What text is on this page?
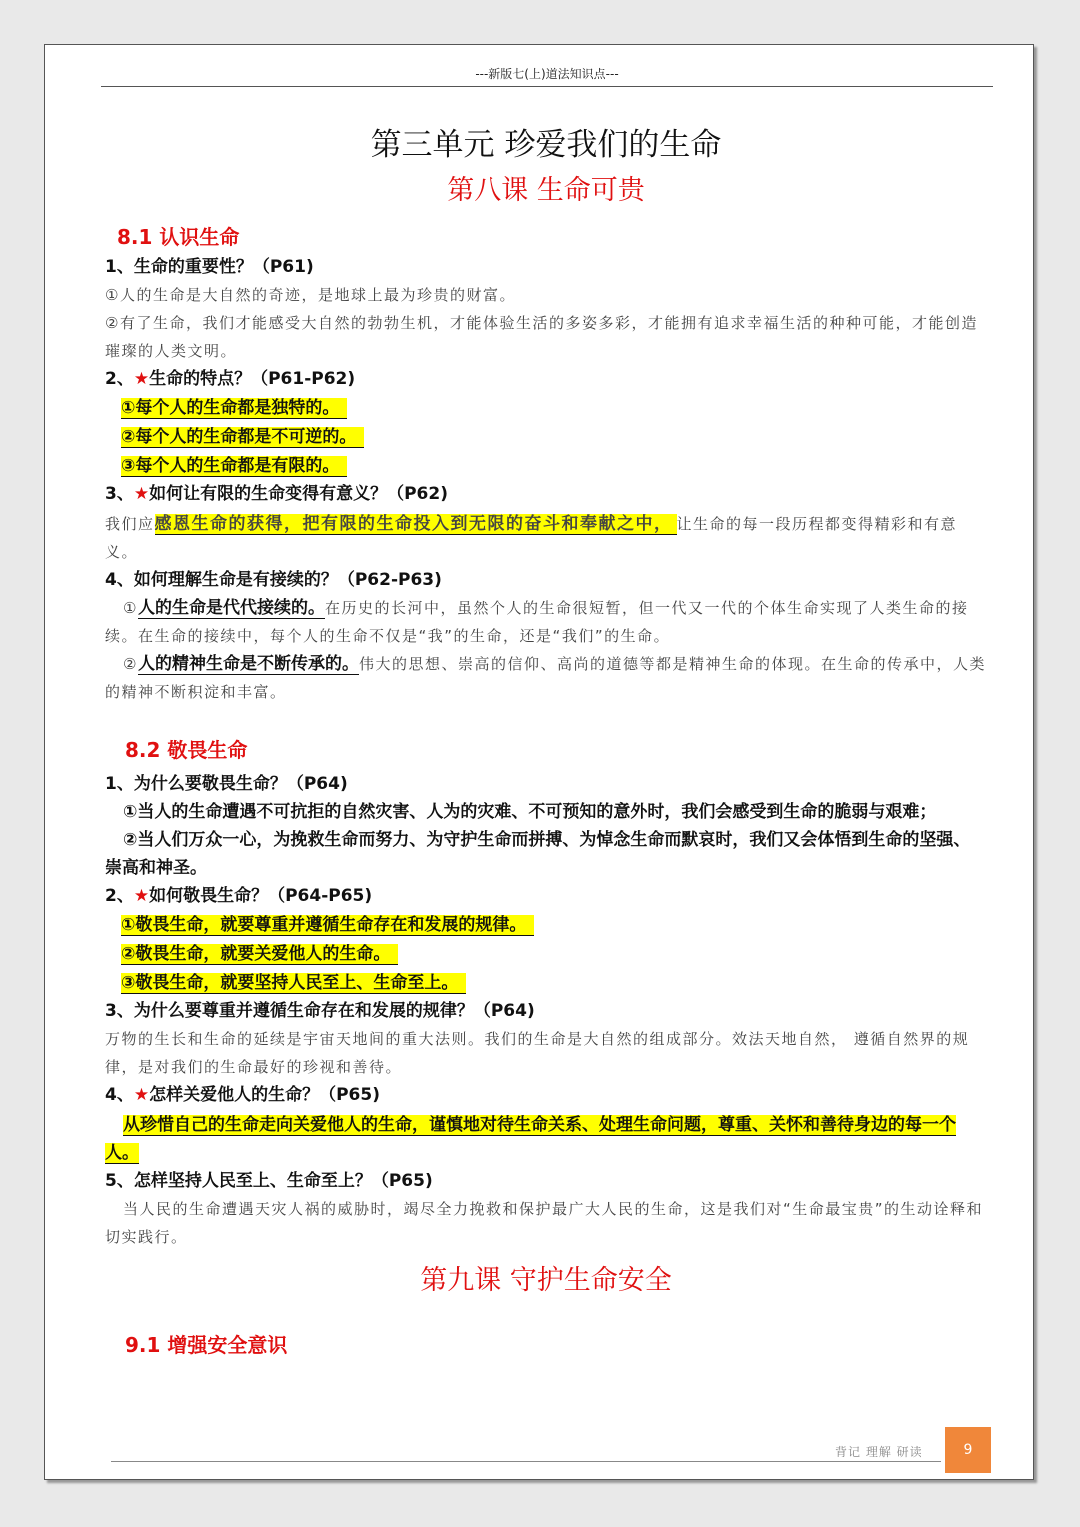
---新版七(上)道法知识点---
第三单元 珍爱我们的生命
第八课 生命可贵
8.1 认识生命
1、生命的重要性？（P61)
①人的生命是大自然的奇迹，是地球上最为珍贵的财富。
②有了生命，我们才能感受大自然的勃勃生机，才能体验生活的多姿多彩，才能拥有追求幸福生活的种种可能，才能创造璀璨的人类文明。
2、★生命的特点？（P61-P62)
①每个人的生命都是独特的。
②每个人的生命都是不可逆的。
③每个人的生命都是有限的。
3、★如何让有限的生命变得有意义？（P62)
我们应感恩生命的获得，把有限的生命投入到无限的奋斗和奉献之中， 让生命的每一段历程都变得精彩和有意义。
4、如何理解生命是有接续的？（P62-P63)
①人的生命是代代接续的。在历史的长河中，虽然个人的生命很短暂，但一代又一代的个体生命实现了人类生命的接续。在生命的接续中，每个人的生命不仅是“我”的生命，还是“我们”的生命。
②人的精神生命是不断传承的。伟大的思想、崇高的信仰、高尚的道德等都是精神生命的体现。在生命的传承中，人类的精神不断积淀和丰富。
8.2 敬畏生命
1、为什么要敬畏生命？（P64)
①当人的生命遭遇不可抗拒的自然灾害、人为的灾难、不可预知的意外时，我们会感受到生命的脆弱与艰难；
②当人们万众一心，为挽救生命而努力、为守护生命而拼搏、为悼念生命而默哀时，我们又会体悟到生命的坚强、崇高和神圣。
2、★如何敬畏生命？（P64-P65)
①敬畏生命，就要尊重并遵循生命存在和发展的规律。
②敬畏生命，就要关爱他人的生命。
③敬畏生命，就要坚持人民至上、生命至上。
3、为什么要尊重并遵循生命存在和发展的规律？（P64)
万物的生长和生命的延续是宇宙天地间的重大法则。我们的生命是大自然的组成部分。效法天地自然， 遵循自然界的规律，是对我们的生命最好的珍视和善待。
4、★怎样关爱他人的生命？（P65)
从珍惜自己的生命走向关爱他人的生命，谨慎地对待生命关系、处理生命问题，尊重、关怀和善待身边的每一个人。
5、怎样坚持人民至上、生命至上？（P65)
当人民的生命遭遇天灾人祸的威胁时，竭尽全力挽救和保护最广大人民的生命，这是我们对“生命最宝贵”的生动诠释和切实践行。
第九课 守护生命安全
9.1 增强安全意识
背记 理解 研读	9
